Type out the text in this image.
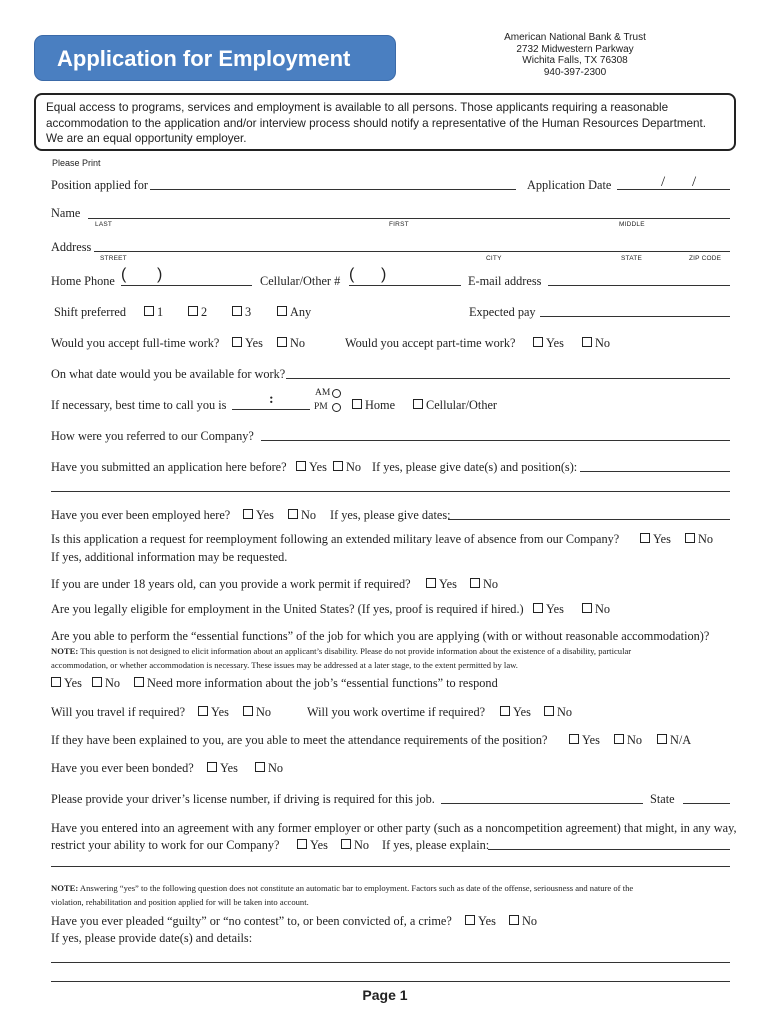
Application for Employment
American National Bank & Trust
2732 Midwestern Parkway
Wichita Falls, TX 76308
940-397-2300
Equal access to programs, services and employment is available to all persons. Those applicants requiring a reasonable accommodation to the application and/or interview process should notify a representative of the Human Resources Department. We are an equal opportunity employer.
Please Print
Position applied for	Application Date	/ /
Name
LAST	FIRST	MIDDLE
Address
STREET	CITY	STATE	ZIP CODE
Home Phone ( )	Cellular/Other # ( )	E-mail address
Shift preferred	1	2	3	Any	Expected pay
Would you accept full-time work? Yes No	Would you accept part-time work? Yes	No
On what date would you be available for work?
If necessary, best time to call you is	:	AM
PM	Home	Cellular/Other
How were you referred to our Company?
Have you submitted an application here before? Yes No If yes, please give date(s) and position(s):
Have you ever been employed here? Yes No If yes, please give dates:
Is this application a request for reemployment following an extended military leave of absence from our Company?	Yes No
If yes, additional information may be requested.
If you are under 18 years old, can you provide a work permit if required? Yes No
Are you legally eligible for employment in the United States? (If yes, proof is required if hired.) Yes	No
Are you able to perform the “essential functions” of the job for which you are applying (with or without reasonable accommodation)?
NOTE: This question is not designed to elicit information about an applicant’s disability. Please do not provide information about the existence of a disability, particular
accommodation, or whether accommodation is necessary. These issues may be addressed at a later stage, to the extent permitted by law.
Yes No Need more information about the job’s “essential functions” to respond
Will you travel if required? Yes No	Will you work overtime if required? Yes No
If they have been explained to you, are you able to meet the attendance requirements of the position?	Yes No N/A
Have you ever been bonded? Yes No
Please provide your driver’s license number, if driving is required for this job.	State
Have you entered into an agreement with any former employer or other party (such as a noncompetition agreement) that might, in any way,
restrict your ability to work for our Company? Yes No If yes, please explain:
NOTE: Answering “yes” to the following question does not constitute an automatic bar to employment. Factors such as date of the offense, seriousness and nature of the
violation, rehabilitation and position applied for will be taken into account.
Have you ever pleaded “guilty” or “no contest” to, or been convicted of, a crime? Yes No
If yes, please provide date(s) and details:
Page 1
